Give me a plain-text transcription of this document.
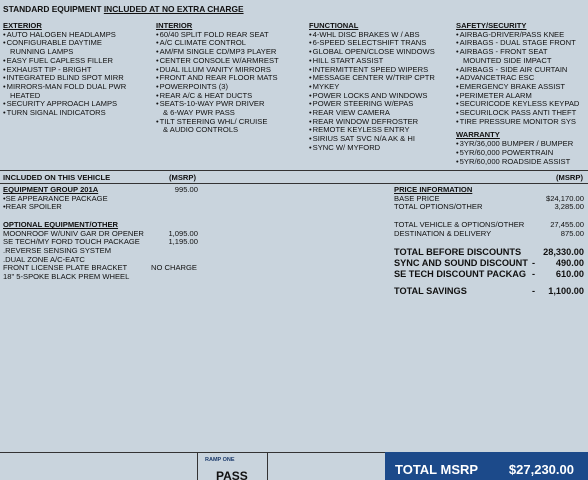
STANDARD EQUIPMENT INCLUDED AT NO EXTRA CHARGE
EXTERIOR
• AUTO HALOGEN HEADLAMPS
• CONFIGURABLE DAYTIME
RUNNING LAMPS
• EASY FUEL CAPLESS FILLER
• EXHAUST TIP - BRIGHT
• INTEGRATED BLIND SPOT MIRR
• MIRRORS-MAN FOLD DUAL PWR
HEATED
• SECURITY APPROACH LAMPS
• TURN SIGNAL INDICATORS
INTERIOR
• 60/40 SPLIT FOLD REAR SEAT
• A/C CLIMATE CONTROL
• AM/FM SINGLE CD/MP3 PLAYER
• CENTER CONSOLE W/ARMREST
• DUAL ILLUM VANITY MIRRORS
• FRONT AND REAR FLOOR MATS
• POWERPOINTS (3)
• REAR A/C & HEAT DUCTS
• SEATS-10-WAY PWR DRIVER
& 6-WAY PWR PASS
• TILT STEERING WHL/ CRUISE
& AUDIO CONTROLS
FUNCTIONAL
• 4-WHL DISC BRAKES W / ABS
• 6-SPEED SELECTSHIFT TRANS
• GLOBAL OPEN/CLOSE WINDOWS
• HILL START ASSIST
• INTERMITTENT SPEED WIPERS
• MESSAGE CENTER W/TRIP CPTR
• MYKEY
• POWER LOCKS AND WINDOWS
• POWER STEERING W/EPAS
• REAR VIEW CAMERA
• REAR WINDOW DEFROSTER
• REMOTE KEYLESS ENTRY
• SIRIUS SAT SVC N/A AK & HI
• SYNC W/ MYFORD
SAFETY/SECURITY
• AIRBAG-DRIVER/PASS KNEE
• AIRBAGS - DUAL STAGE FRONT
• AIRBAGS - FRONT SEAT
MOUNTED SIDE IMPACT
• AIRBAGS - SIDE AIR CURTAIN
• ADVANCETRAC ESC
• EMERGENCY BRAKE ASSIST
• PERIMETER ALARM
• SECURICODE KEYLESS KEYPAD
• SECURILOCK PASS ANTI THEFT
• TIRE PRESSURE MONITOR SYS
WARRANTY
• 3YR/36,000 BUMPER / BUMPER
• 5YR/60,000 POWERTRAIN
• 5YR/60,000 ROADSIDE ASSIST
INCLUDED ON THIS VEHICLE	(MSRP)	(MSRP)
EQUIPMENT GROUP 201A	995.00
•SE APPEARANCE PACKAGE
•REAR SPOILER
OPTIONAL EQUIPMENT/OTHER
MOONROOF W/UNIV GAR DR OPENER	1,095.00
SE TECH/MY FORD TOUCH PACKAGE	1,195.00
.REVERSE SENSING SYSTEM
.DUAL ZONE A/C-EATC
FRONT LICENSE PLATE BRACKET	NO CHARGE
18" 5-SPOKE BLACK PREM WHEEL
PRICE INFORMATION
BASE PRICE	$24,170.00
TOTAL OPTIONS/OTHER	3,285.00
TOTAL VEHICLE & OPTIONS/OTHER	27,455.00
DESTINATION & DELIVERY	875.00
TOTAL BEFORE DISCOUNTS 28,330.00
SYNC AND SOUND DISCOUNT - 490.00
SE TECH DISCOUNT PACKAG - 610.00
TOTAL SAVINGS	- 1,100.00
RAMP ONE
PASS	TOTAL MSRP $27,230.00
